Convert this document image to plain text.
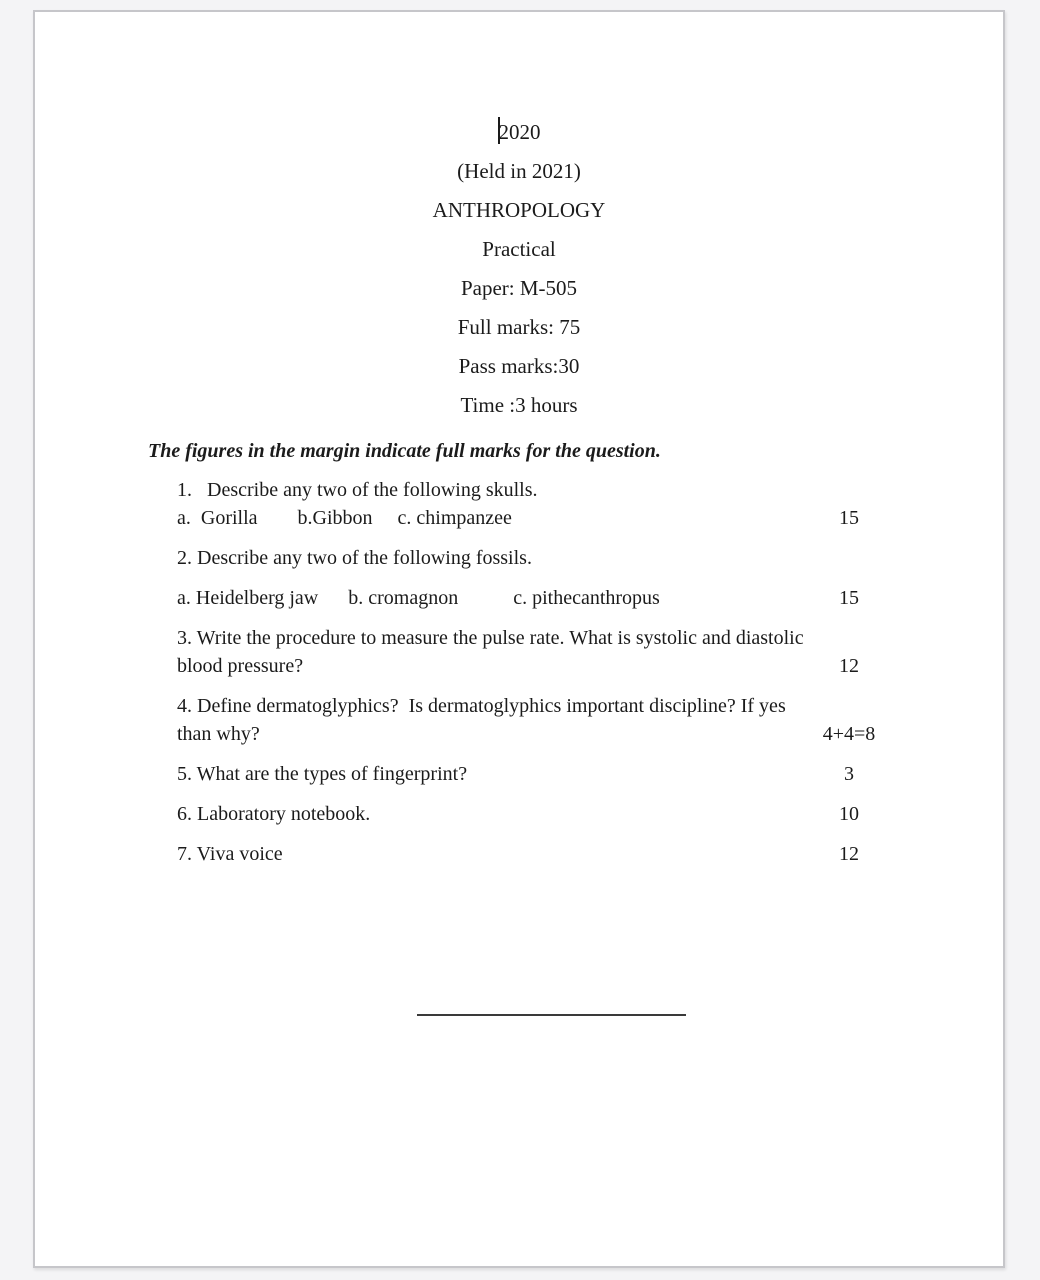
2020
(Held in 2021)
ANTHROPOLOGY
Practical
Paper: M-505
Full marks: 75
Pass marks:30
Time :3 hours
The figures in the margin indicate full marks for the question.
1.   Describe any two of the following skulls.
a.  Gorilla        b.Gibbon     c. chimpanzee	15
2. Describe any two of the following fossils.
a. Heidelberg jaw      b. cromagnon           c. pithecanthropus	15
3. Write the procedure to measure the pulse rate. What is systolic and diastolic
blood pressure?	12
4. Define dermatoglyphics?  Is dermatoglyphics important discipline? If yes
than why?	4+4=8
5. What are the types of fingerprint?	3
6. Laboratory notebook.	10
7. Viva voice	12
